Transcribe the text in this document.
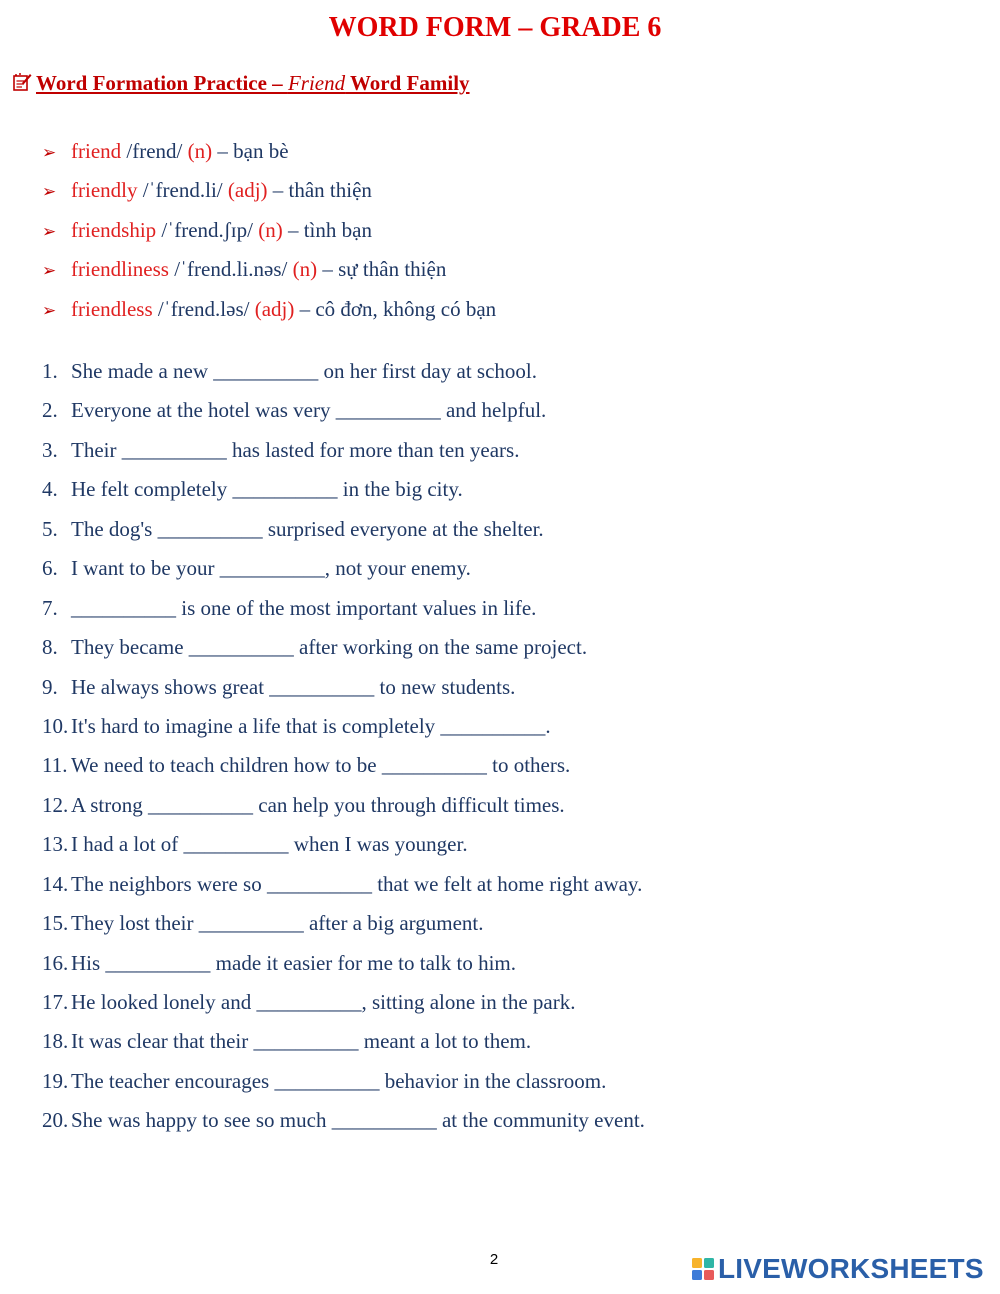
WORD FORM – GRADE 6
Word Formation Practice – Friend Word Family
➢ friend /frend/ (n) – bạn bè
➢ friendly /ˈfrend.li/ (adj) – thân thiện
➢ friendship /ˈfrend.ʃɪp/ (n) – tình bạn
➢ friendliness /ˈfrend.li.nəs/ (n) – sự thân thiện
➢ friendless /ˈfrend.ləs/ (adj) – cô đơn, không có bạn
1. She made a new __________ on her first day at school.
2. Everyone at the hotel was very __________ and helpful.
3. Their __________ has lasted for more than ten years.
4. He felt completely __________ in the big city.
5. The dog's __________ surprised everyone at the shelter.
6. I want to be your __________, not your enemy.
7. __________ is one of the most important values in life.
8. They became __________ after working on the same project.
9. He always shows great __________ to new students.
10. It's hard to imagine a life that is completely __________.
11. We need to teach children how to be __________ to others.
12. A strong __________ can help you through difficult times.
13. I had a lot of __________ when I was younger.
14. The neighbors were so __________ that we felt at home right away.
15. They lost their __________ after a big argument.
16. His __________ made it easier for me to talk to him.
17. He looked lonely and __________, sitting alone in the park.
18. It was clear that their __________ meant a lot to them.
19. The teacher encourages __________ behavior in the classroom.
20. She was happy to see so much __________ at the community event.
2	LIVEWORKSHEETS
